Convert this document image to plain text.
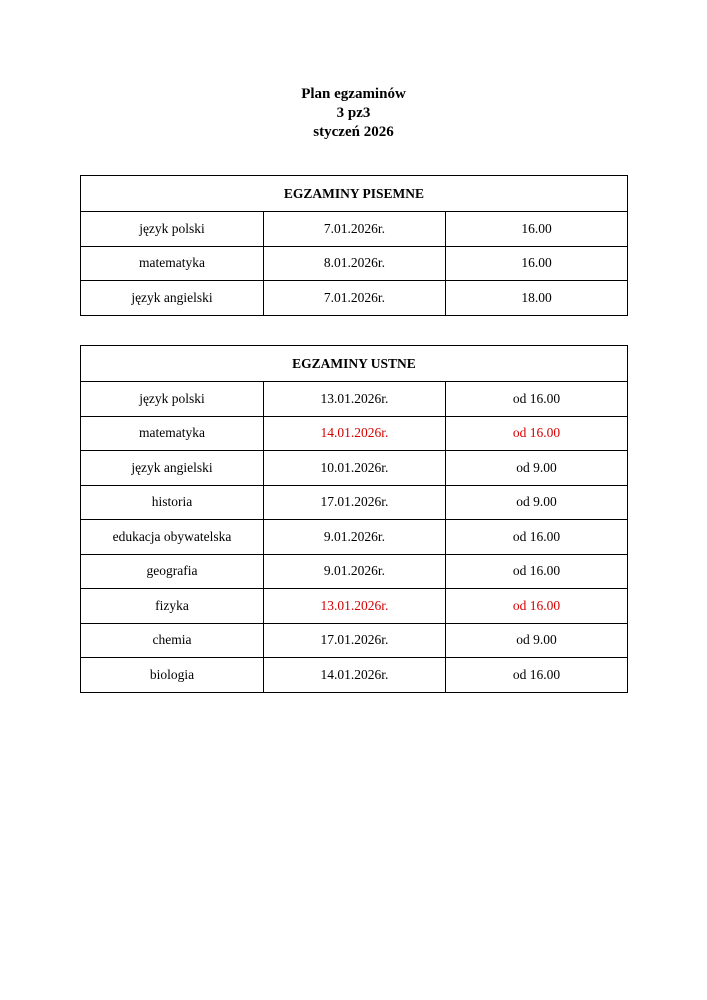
Plan egzaminów
3 pz3
styczeń 2026
EGZAMINY PISEMNE		
język polski	7.01.2026r.	16.00
matematyka	8.01.2026r.	16.00
język angielski	7.01.2026r.	18.00
EGZAMINY USTNE		
język polski	13.01.2026r.	od 16.00
matematyka	14.01.2026r.	od 16.00
język angielski	10.01.2026r.	od 9.00
historia	17.01.2026r.	od 9.00
edukacja obywatelska	9.01.2026r.	od 16.00
geografia	9.01.2026r.	od 16.00
fizyka	13.01.2026r.	od 16.00
chemia	17.01.2026r.	od 9.00
biologia	14.01.2026r.	od 16.00
